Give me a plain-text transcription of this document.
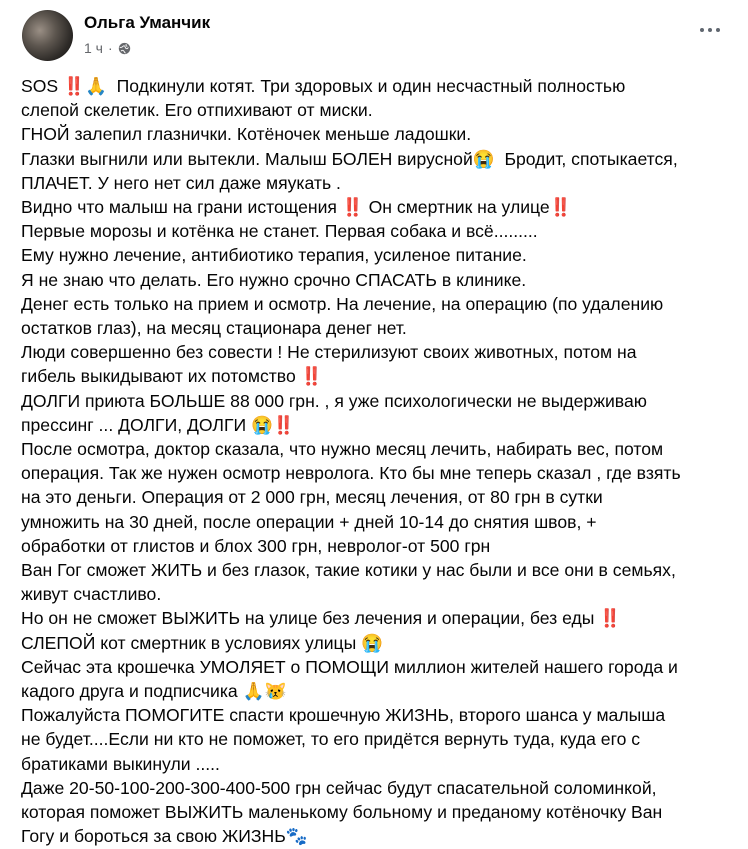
Ольга Уманчик
1 ч ·
SOS ‼️🙏  Подкинули котят. Три здоровых и один несчастный полностью
слепой скелетик. Его отпихивают от миски.
ГНОЙ залепил глазнички. Котёночек меньше ладошки.
Глазки выгнили или вытекли. Малыш БОЛЕН вирусной😭  Бродит, спотыкается,
ПЛАЧЕТ. У него нет сил даже мяукать .
Видно что малыш на грани истощения ‼️ Он смертник на улице‼️
Первые морозы и котёнка не станет. Первая собака и всё.........
Ему нужно лечение, антибиотико терапия, усиленое питание.
Я не знаю что делать. Его нужно срочно СПАСАТЬ в клинике.
Денег есть только на прием и осмотр. На лечение, на операцию (по удалению
остатков глаз), на месяц стационара денег нет.
Люди совершенно без совести ! Не стерилизуют своих животных, потом на
гибель выкидывают их потомство ‼️
ДОЛГИ приюта БОЛЬШЕ 88 000 грн. , я уже психологически не выдерживаю
прессинг ... ДОЛГИ, ДОЛГИ 😭‼️
После осмотра, доктор сказала, что нужно месяц лечить, набирать вес, потом
операция. Так же нужен осмотр невролога. Кто бы мне теперь сказал , где взять
на это деньги. Операция от 2 000 грн, месяц лечения, от 80 грн в сутки
умножить на 30 дней, после операции + дней 10-14 до снятия швов, +
обработки от глистов и блох 300 грн, невролог-от 500 грн
Ван Гог сможет ЖИТЬ и без глазок, такие котики у нас были и все они в семьях,
живут счастливо.
Но он не сможет ВЫЖИТЬ на улице без лечения и операции, без еды ‼️
СЛЕПОЙ кот смертник в условиях улицы 😭
Сейчас эта крошечка УМОЛЯЕТ о ПОМОЩИ миллион жителей нашего города и
кадого друга и подписчика 🙏😿
Пожалуйста ПОМОГИТЕ спасти крошечную ЖИЗНЬ, второго шанса у малыша
не будет....Если ни кто не поможет, то его придётся вернуть туда, куда его с
братиками выкинули .....
Даже 20-50-100-200-300-400-500 грн сейчас будут спасательной соломинкой,
которая поможет ВЫЖИТЬ маленькому больному и преданому котёночку Ван
Гогу и бороться за свою ЖИЗНЬ🐾
